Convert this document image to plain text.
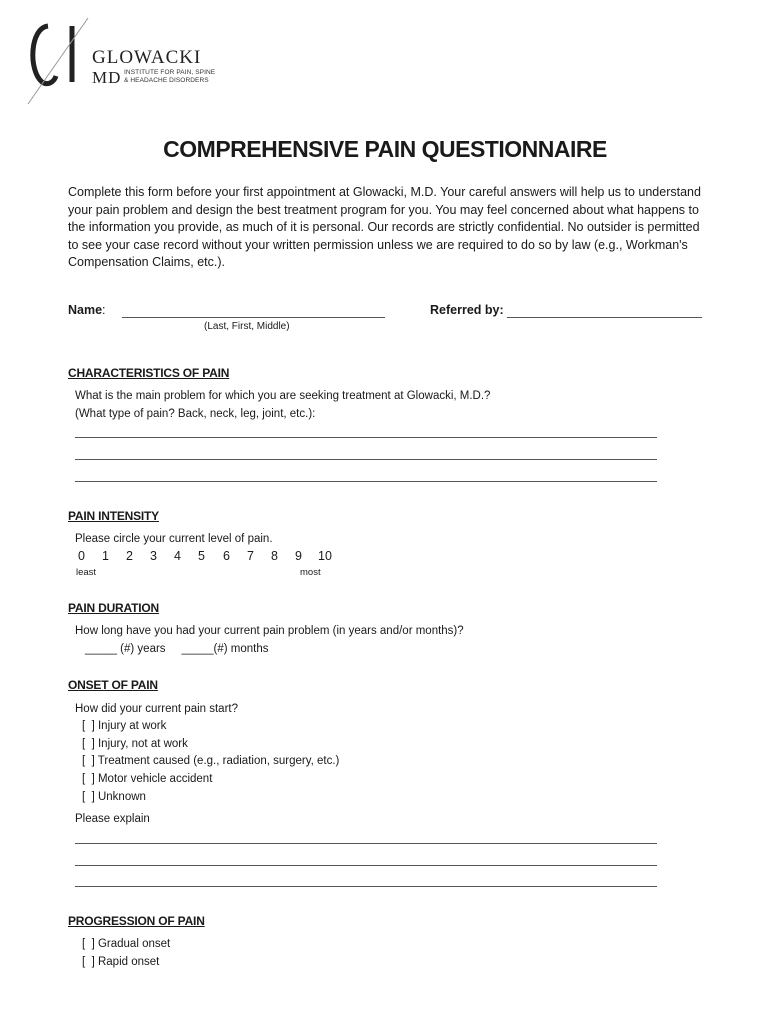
GLOWACKI
MD INSTITUTE FOR PAIN, SPINE
& HEADACHE DISORDERS
COMPREHENSIVE PAIN QUESTIONNAIRE
Complete this form before your first appointment at Glowacki, M.D. Your careful answers will help us to understand your pain problem and design the best treatment program for you. You may feel concerned about what happens to the information you provide, as much of it is personal. Our records are strictly confidential. No outsider is permitted to see your case record without your written permission unless we are required to do so by law (e.g., Workman's Compensation Claims, etc.).
Name:
(Last, First, Middle)
Referred by:
CHARACTERISTICS OF PAIN
What is the main problem for which you are seeking treatment at Glowacki, M.D.?
(What type of pain? Back, neck, leg, joint, etc.):
PAIN INTENSITY
Please circle your current level of pain.
0 1 2 3 4 5 6 7 8 9 10
least	most
PAIN DURATION
How long have you had your current pain problem (in years and/or months)?
_____ (#) years     _____(#) months
ONSET OF PAIN
How did your current pain start?
[  ] Injury at work
[  ] Injury, not at work
[  ] Treatment caused (e.g., radiation, surgery, etc.)
[  ] Motor vehicle accident
[  ] Unknown
Please explain
PROGRESSION OF PAIN
[  ] Gradual onset
[  ] Rapid onset
